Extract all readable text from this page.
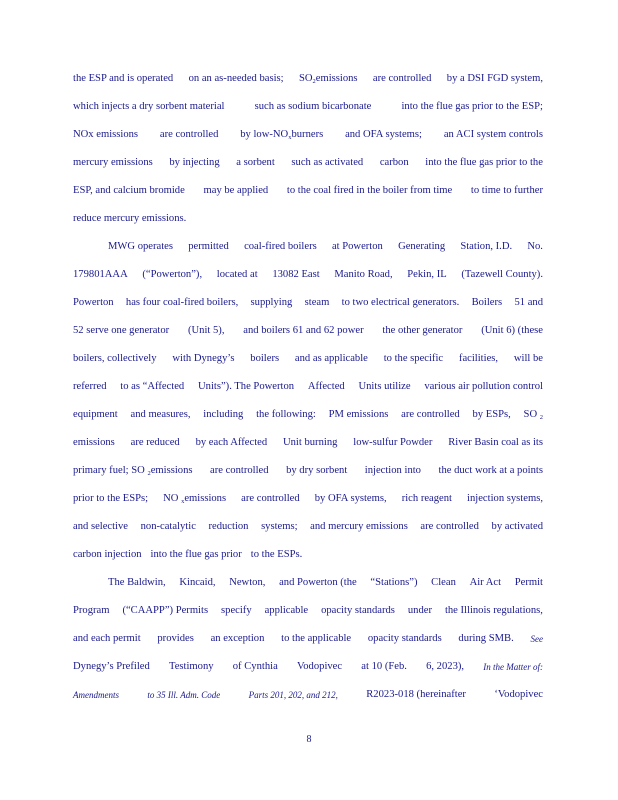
the ESP and is operated on an as-needed basis; SO2emissions are controlled by a DSI FGD system,
which injects a dry sorbent material	such as sodium bicarbonate	into the flue gas prior to the ESP;
NOx emissions are controlled by low-NOxburners and OFA systems; an ACI system controls
mercury emissions by injecting a sorbent such as activated carbon into the flue gas prior to the
ESP, and calcium bromide may be applied to the coal fired in the boiler from time to time to further
reduce mercury emissions.
MWG operates permitted coal-fired boilers at Powerton Generating Station, I.D. No.
179801AAA (“Powerton”), located at 13082 East Manito Road, Pekin, IL (Tazewell County).
Powerton has four coal-fired boilers, supplying steam to two electrical generators. Boilers 51 and
52 serve one generator (Unit 5), and boilers 61 and 62 power the other generator (Unit 6) (these
boilers, collectively with Dynegy’s boilers and as applicable to the specific facilities, will be
referred to as “Affected Units”). The Powerton Affected Units utilize various air pollution control
equipment and measures, including the following: PM emissions are controlled by ESPs, SO 2
emissions are reduced by each Affected Unit burning low-sulfur Powder River Basin coal as its
primary fuel; SO 2emissions are controlled by dry sorbent injection into the duct work at a points
prior to the ESPs; NO xemissions are controlled by OFA systems, rich reagent injection systems,
and selective non-catalytic reduction systems; and mercury emissions are controlled by activated
carbon injection into the flue gas prior to the ESPs.
The Baldwin, Kincaid, Newton, and Powerton (the “Stations”) Clean Air Act Permit
Program (“CAAPP”) Permits specify applicable opacity standards under the Illinois regulations,
and each permit provides an exception to the applicable opacity standards during SMB. See
Dynegy’s Prefiled Testimony of Cynthia Vodopivec at 10 (Feb. 6, 2023), In the Matter of:
Amendments	to 35 Ill. Adm. Code	Parts 201, 202, and 212,	R2023-018 (hereinafter	‘Vodopivec
8
